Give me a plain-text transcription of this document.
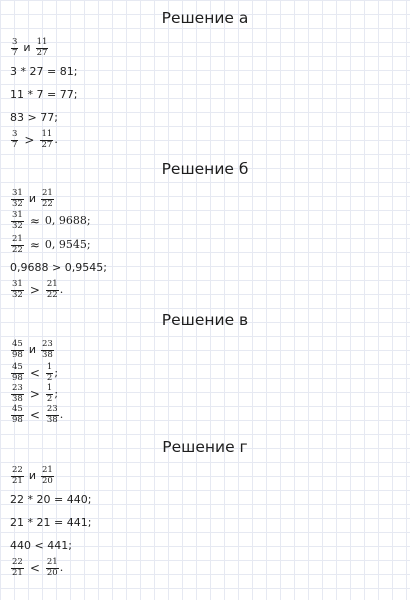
Решение а
$\frac{3}{7}$ и $\frac{11}{27}$
3 * 27 = 81;
11 * 7 = 77;
83 > 77;
$\frac{3}{7} > \frac{11}{27}$ .
Решение б
$\frac{31}{32}$ и $\frac{21}{22}$
$\frac{31}{32} \approx 0$, 9688;
$\frac{21}{22} \approx 0$, 9545;
0,9688 > 0,9545;
$\frac{31}{32} > \frac{21}{22}$ .
Решение в
$\frac{45}{98}$ и $\frac{23}{38}$
$\frac{45}{98} < \frac{1}{2}$ ;
$\frac{23}{38} > \frac{1}{2}$ ;
$\frac{45}{98} < \frac{23}{38}$ .
Решение г
$\frac{22}{21}$ и $\frac{21}{20}$
22 * 20 = 440;
21 * 21 = 441;
440 < 441;
$\frac{22}{21} < \frac{21}{20}$ .
